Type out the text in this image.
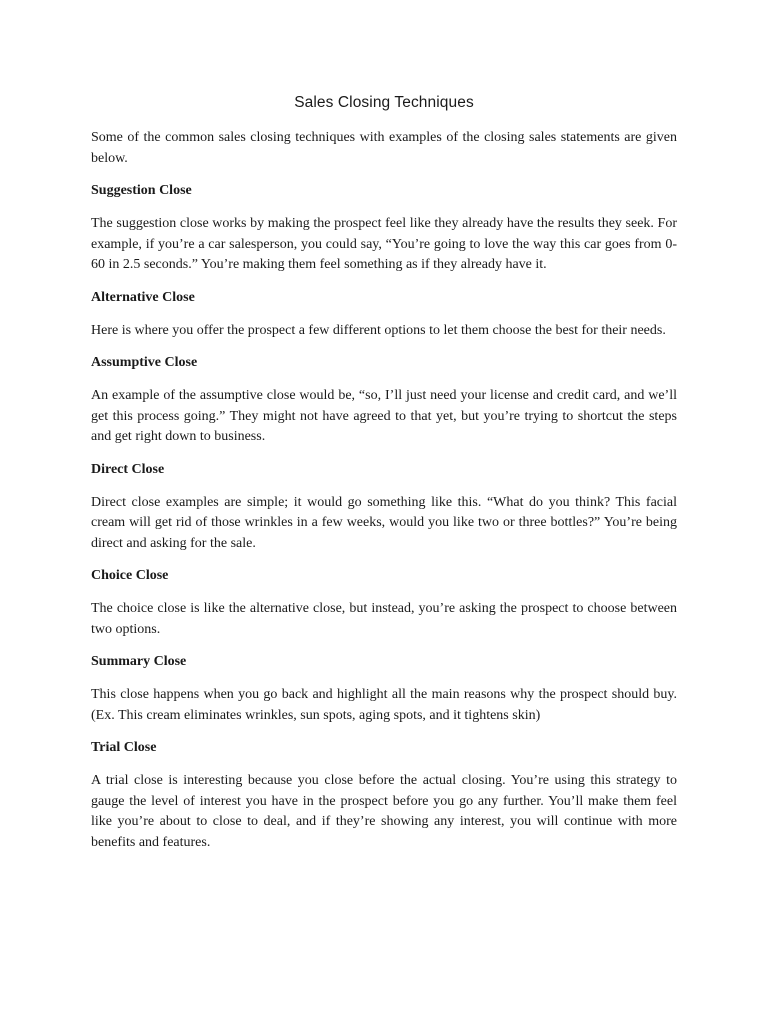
Sales Closing Techniques

Some of the common sales closing techniques with examples of the closing sales statements are given below.

Suggestion Close

The suggestion close works by making the prospect feel like they already have the results they seek. For example, if you’re a car salesperson, you could say, “You’re going to love the way this car goes from 0-60 in 2.5 seconds.” You’re making them feel something as if they already have it.

Alternative Close

Here is where you offer the prospect a few different options to let them choose the best for their needs.

Assumptive Close

An example of the assumptive close would be, “so, I’ll just need your license and credit card, and we’ll get this process going.” They might not have agreed to that yet, but you’re trying to shortcut the steps and get right down to business.

Direct Close

Direct close examples are simple; it would go something like this. “What do you think? This facial cream will get rid of those wrinkles in a few weeks, would you like two or three bottles?” You’re being direct and asking for the sale.

Choice Close

The choice close is like the alternative close, but instead, you’re asking the prospect to choose between two options.

Summary Close

This close happens when you go back and highlight all the main reasons why the prospect should buy. (Ex. This cream eliminates wrinkles, sun spots, aging spots, and it tightens skin)

Trial Close

A trial close is interesting because you close before the actual closing. You’re using this strategy to gauge the level of interest you have in the prospect before you go any further. You’ll make them feel like you’re about to close to deal, and if they’re showing any interest, you will continue with more benefits and features.
